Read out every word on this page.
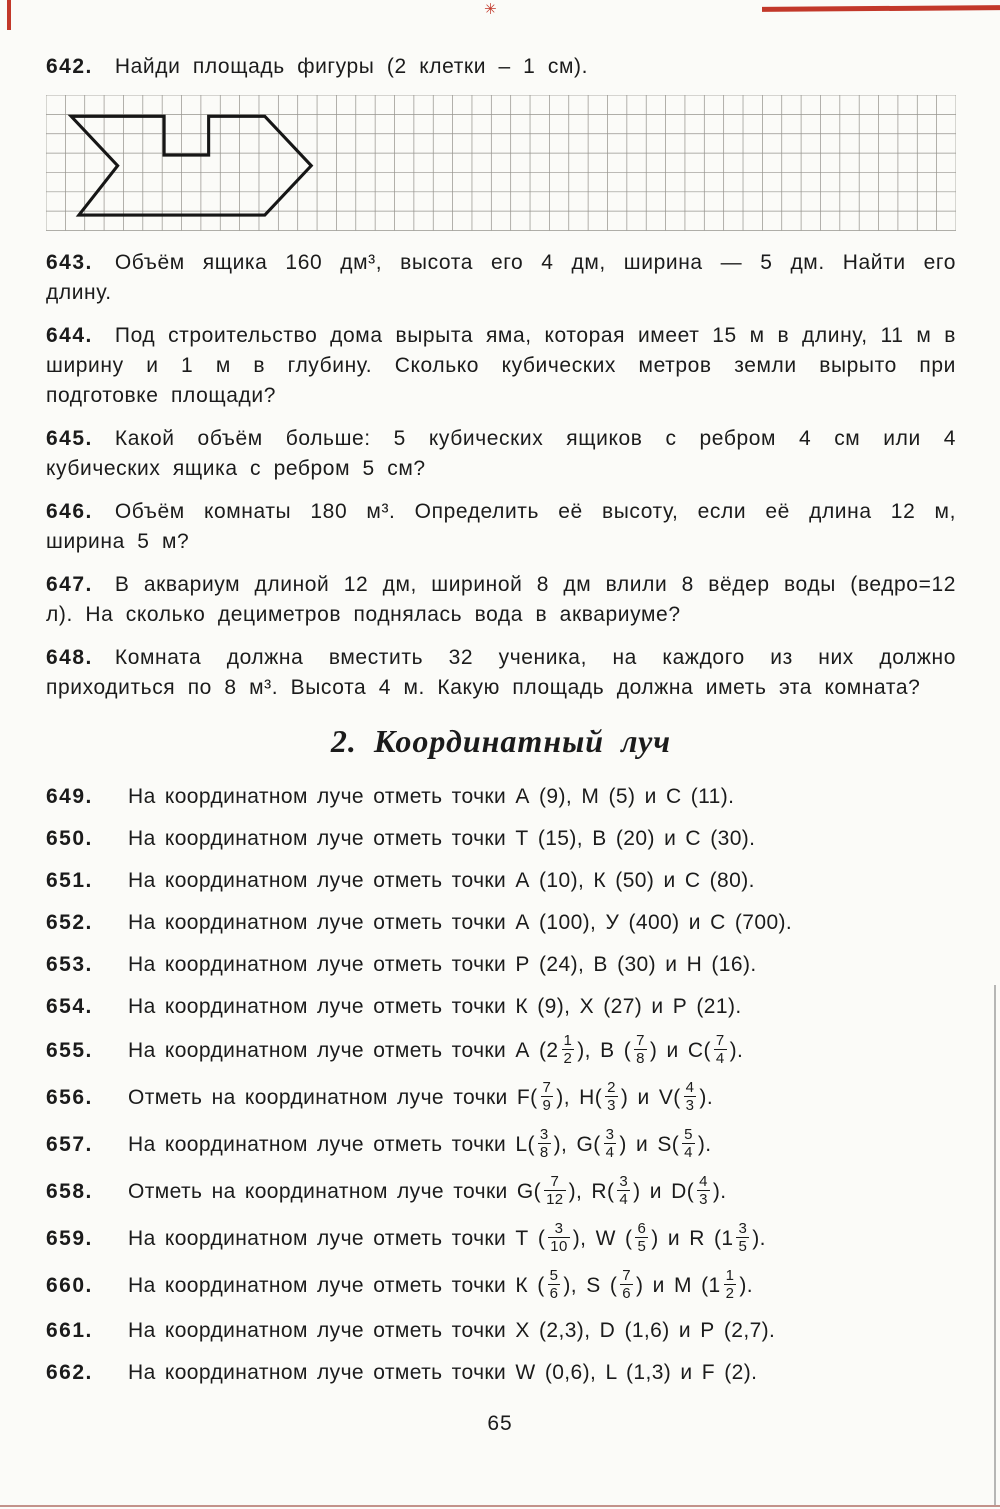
✳

642. Найди площадь фигуры (2 клетки – 1 см).

643. Объём ящика 160 дм³, высота его 4 дм, ширина — 5 дм. Найти его длину.

644. Под строительство дома вырыта яма, которая имеет 15 м в длину, 11 м в ширину и 1 м в глубину. Сколько кубических метров земли вырыто при подготовке площади?

645. Какой объём больше: 5 кубических ящиков с ребром 4 см или 4 кубических ящика с ребром 5 см?

646. Объём комнаты 180 м³. Определить её высоту, если её длина 12 м, ширина 5 м?

647. В аквариум длиной 12 дм, шириной 8 дм влили 8 вёдер воды (ведро=12 л). На сколько дециметров поднялась вода в аквариуме?

648. Комната должна вместить 32 ученика, на каждого из них должно приходиться по 8 м³. Высота 4 м. Какую площадь должна иметь эта комната?

2. Координатный луч
649. На координатном луче отметь точки А (9), М (5) и С (11).
650. На координатном луче отметь точки Т (15), В (20) и С (30).
651. На координатном луче отметь точки А (10), К (50) и С (80).
652. На координатном луче отметь точки А (100), У (400) и С (700).
653. На координатном луче отметь точки Р (24), В (30) и Н (16).
654. На координатном луче отметь точки К (9), Х (27) и Р (21).
655. На координатном луче отметь точки А ($2 \frac{1}{2}$ ), В ( $\frac{7}{8}$ ) и $С( \frac{7}{4}$ ).
656. Отметь на координатном луче точки $F( \frac{7}{9}$ ), $H( \frac{2}{3}$ ) и $V( \frac{4}{3}$ ).
657. На координатном луче отметь точки $L( \frac{3}{8}$ ), $G( \frac{3}{4}$ ) и $S( \frac{5}{4}$ ).
658. Отметь на координатном луче точки $G( \frac{7}{12}$ ), $R( \frac{3}{4}$ ) и $D( \frac{4}{3}$ ).
659. На координатном луче отметь точки Т ( $\frac{3}{10}$ ), W ( $\frac{6}{5}$ ) и R ($1 \frac{3}{5}$ ).
660. На координатном луче отметь точки К ( $\frac{5}{6}$ ), S ( $\frac{7}{6}$ ) и М ($1 \frac{1}{2}$ ).
661. На координатном луче отметь точки Х (2,3), D (1,6) и Р (2,7).
662. На координатном луче отметь точки W (0,6), L (1,3) и F (2).
65
